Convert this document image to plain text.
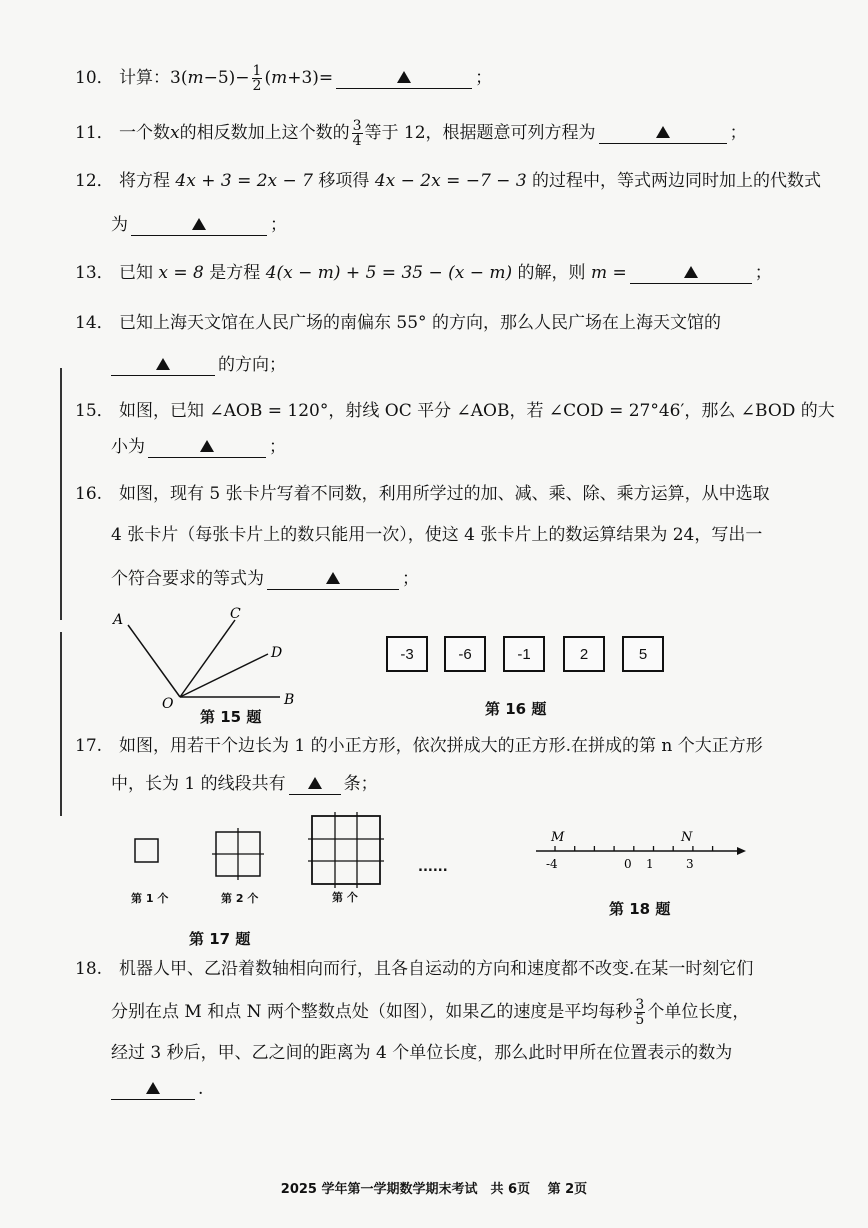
10． 计算：$3(m-5)- \frac{1}{2} (m+3)=$	；
11． 一个数x的相反数加上这个数的 $\frac{3}{4}$ 等于 12，根据题意可列方程为	；
12． 将方程 4x + 3 = 2x − 7 移项得 4x − 2x = −7 − 3 的过程中，等式两边同时加上的代数式
为	；
13． 已知 x = 8 是方程 4(x − m) + 5 = 35 − (x − m) 的解，则 m =	；
14． 已知上海天文馆在人民广场的南偏东 55° 的方向，那么人民广场在上海天文馆的
的方向；
15． 如图，已知 ∠AOB = 120°，射线 OC 平分 ∠AOB，若 ∠COD = 27°46′，那么 ∠BOD 的大
小为	；
16. 如图，现有 5 张卡片写着不同数，利用所学过的加、减、乘、除、乘方运算，从中选取
4 张卡片（每张卡片上的数只能用一次），使这 4 张卡片上的数运算结果为 24，写出一
个符合要求的等式为	；
A	C
D
O	B
第 15 题
-3	-6	-1	2	5
第 16 题
17. 如图，用若干个边长为 1 的小正方形，依次拼成大的正方形.在拼成的第 n 个大正方形
中，长为 1 的线段共有	条；
第 1 个	第 2 个	第 个
......
第 17 题
M	N
-4	0 1	3
第 18 题
18. 机器人甲、乙沿着数轴相向而行，且各自运动的方向和速度都不改变.在某一时刻它们
分别在点 M 和点 N 两个整数点处（如图），如果乙的速度是平均每秒 $\frac{3}{5}$ 个单位长度，
经过 3 秒后，甲、乙之间的距离为 4 个单位长度，那么此时甲所在位置表示的数为
.
2025 学年第一学期数学期末考试　共 6页　 第 2页
